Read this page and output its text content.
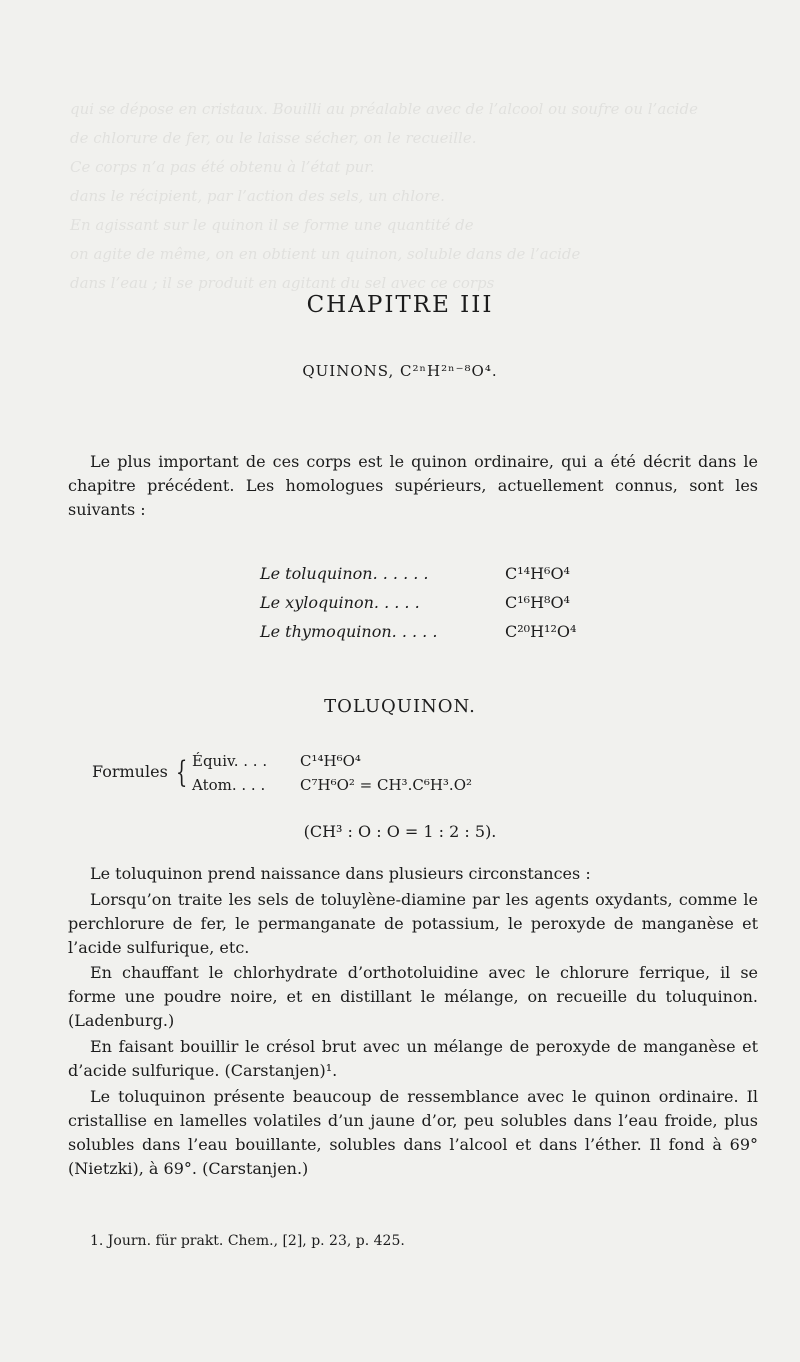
qui se dépose en cristaux. Bouilli au préalable avec de l’alcool ou soufre ou l’acide
de chlorure de fer, ou le laisse sécher, on le recueille.
Ce corps n’a pas été obtenu à l’état pur.
dans le récipient, par l’action des sels, un chlore.
En agissant sur le quinon il se forme une quantité de
on agite de même, on en obtient un quinon, soluble dans de l’acide
dans l’eau ; il se produit en agitant du sel avec ce corps
CHAPITRE III
QUINONS, C²ⁿH²ⁿ⁻⁸O⁴.

Le plus important de ces corps est le quinon ordinaire, qui a été décrit dans le chapitre précédent. Les homologues supérieurs, actuellement connus, sont les suivants :

Le toluquinon. . . . . .	C¹⁴H⁶O⁴
Le xyloquinon. . . . .	C¹⁶H⁸O⁴
Le thymoquinon. . . . .	C²⁰H¹²O⁴
TOLUQUINON.
Formules { Équiv. . . . C¹⁴H⁶O⁴
Atom. . . . C⁷H⁶O² = CH³.C⁶H³.O²
(CH³ : O : O = 1 : 2 : 5).

Le toluquinon prend naissance dans plusieurs circonstances :

Lorsqu’on traite les sels de toluylène-diamine par les agents oxydants, comme le perchlorure de fer, le permanganate de potassium, le peroxyde de manganèse et l’acide sulfurique, etc.

En chauffant le chlorhydrate d’orthotoluidine avec le chlorure ferrique, il se forme une poudre noire, et en distillant le mélange, on recueille du toluquinon. (Ladenburg.)

En faisant bouillir le crésol brut avec un mélange de peroxyde de manganèse et d’acide sulfurique. (Carstanjen)¹.

Le toluquinon présente beaucoup de ressemblance avec le quinon ordinaire. Il cristallise en lamelles volatiles d’un jaune d’or, peu solubles dans l’eau froide, plus solubles dans l’eau bouillante, solubles dans l’alcool et dans l’éther. Il fond à 69° (Nietzki), à 69°. (Carstanjen.)

1. Journ. für prakt. Chem., [2], p. 23, p. 425.
